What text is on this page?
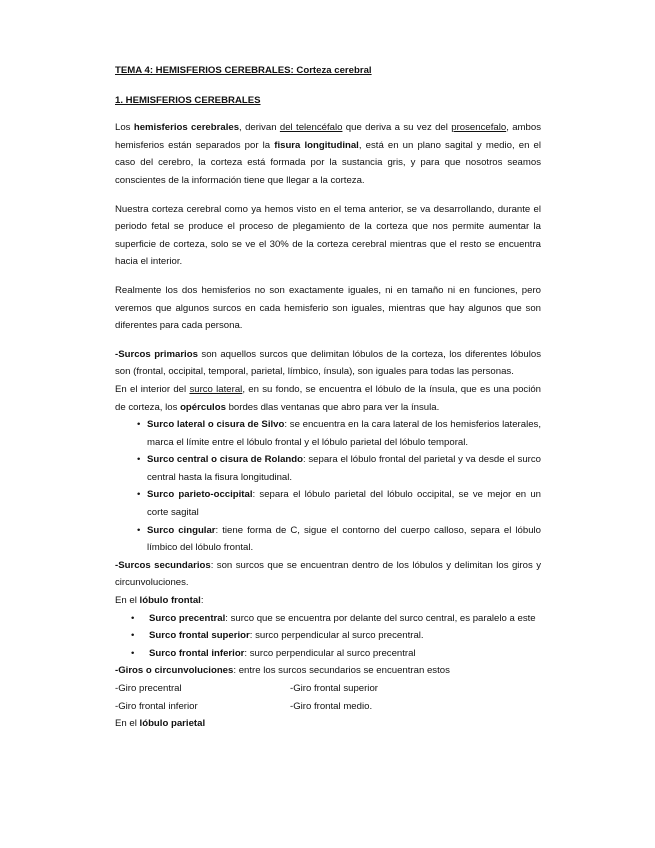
TEMA 4: HEMISFERIOS CEREBRALES: Corteza cerebral

1. HEMISFERIOS CEREBRALES

Los hemisferios cerebrales, derivan del telencéfalo que deriva a su vez del prosencefalo, ambos hemisferios están separados por la fisura longitudinal, está en un plano sagital y medio, en el caso del cerebro, la corteza está formada por la sustancia gris, y para que nosotros seamos conscientes de la información tiene que llegar a la corteza.

Nuestra corteza cerebral como ya hemos visto en el tema anterior, se va desarrollando, durante el periodo fetal se produce el proceso de plegamiento de la corteza que nos permite aumentar la superficie de corteza, solo se ve el 30% de la corteza cerebral mientras que el resto se encuentra hacia el interior.

Realmente los dos hemisferios no son exactamente iguales, ni en tamaño ni en funciones, pero veremos que algunos surcos en cada hemisferio son iguales, mientras que hay algunos que son diferentes para cada persona.

-Surcos primarios son aquellos surcos que delimitan lóbulos de la corteza, los diferentes lóbulos son (frontal, occipital, temporal, parietal, límbico, ínsula), son iguales para todas las personas.

En el interior del surco lateral, en su fondo, se encuentra el lóbulo de la ínsula, que es una poción de corteza, los opérculos bordes dlas ventanas que abro para ver la ínsula.

• Surco lateral o cisura de Silvo: se encuentra en la cara lateral de los hemisferios laterales, marca el límite entre el lóbulo frontal y el lóbulo parietal del lóbulo temporal.
• Surco central o cisura de Rolando: separa el lóbulo frontal del parietal y va desde el surco central hasta la fisura longitudinal.
• Surco parieto-occipital: separa el lóbulo parietal del lóbulo occipital, se ve mejor en un corte sagital
• Surco cingular: tiene forma de C, sigue el contorno del cuerpo calloso, separa el lóbulo límbico del lóbulo frontal.

-Surcos secundarios: son surcos que se encuentran dentro de los lóbulos y delimitan los giros y circunvoluciones.

En el lóbulo frontal:

• Surco precentral: surco que se encuentra por delante del surco central, es paralelo a este
• Surco frontal superior: surco perpendicular al surco precentral.
• Surco frontal inferior: surco perpendicular al surco precentral

-Giros o circunvoluciones: entre los surcos secundarios se encuentran estos

-Giro precentral	-Giro frontal superior
-Giro frontal inferior	-Giro frontal medio.

En el lóbulo parietal
